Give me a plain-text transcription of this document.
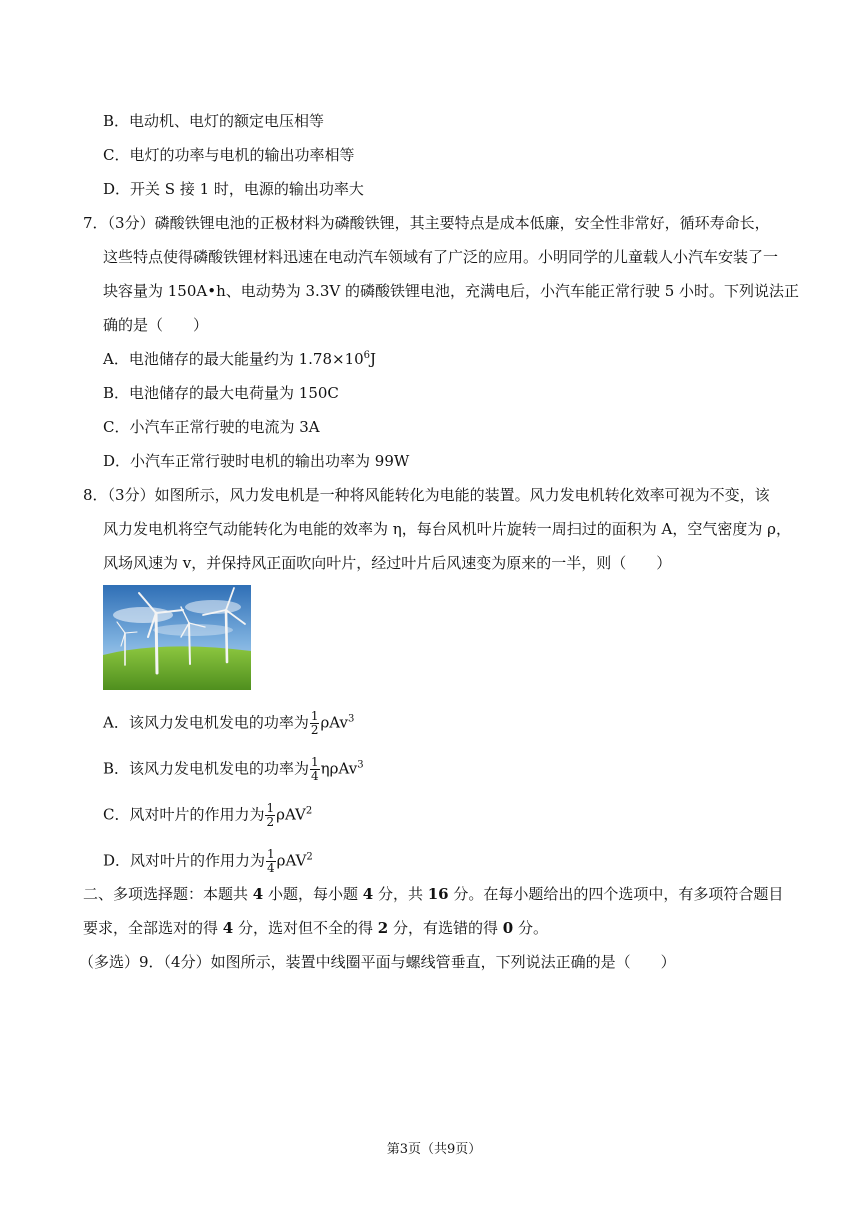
B．电动机、电灯的额定电压相等
C．电灯的功率与电机的输出功率相等
D．开关 S 接 1 时，电源的输出功率大
7．（3分）磷酸铁锂电池的正极材料为磷酸铁锂，其主要特点是成本低廉，安全性非常好，循环寿命长，
这些特点使得磷酸铁锂材料迅速在电动汽车领域有了广泛的应用。小明同学的儿童载人小汽车安装了一
块容量为 150A•h、电动势为 3.3V 的磷酸铁锂电池，充满电后，小汽车能正常行驶 5 小时。下列说法正
确的是（　　）
A．电池储存的最大能量约为 $1.78\times 10^6J$
B．电池储存的最大电荷量为 150C
C．小汽车正常行驶的电流为 3A
D．小汽车正常行驶时电机的输出功率为 99W
8．（3分）如图所示，风力发电机是一种将风能转化为电能的装置。风力发电机转化效率可视为不变，该
风力发电机将空气动能转化为电能的效率为 η，每台风机叶片旋转一周扫过的面积为 A，空气密度为 ρ，
风场风速为 v，并保持风正面吹向叶片，经过叶片后风速变为原来的一半，则（　　）
A．该风力发电机发电的功率为 $\frac{1}{2} \rho Av^3$
B．该风力发电机发电的功率为 $\frac{1}{4} \eta\rho Av^3$
C．风对叶片的作用力为 $\frac{1}{2} \rho AV^2$
D．风对叶片的作用力为 $\frac{1}{4} \rho AV^2$
二、多项选择题：本题共 4 小题，每小题 4 分，共 16 分。在每小题给出的四个选项中，有多项符合题目
要求，全部选对的得 4 分，选对但不全的得 2 分，有选错的得 0 分。
（多选）9．（4分）如图所示，装置中线圈平面与螺线管垂直，下列说法正确的是（　　）
第3页（共9页）
